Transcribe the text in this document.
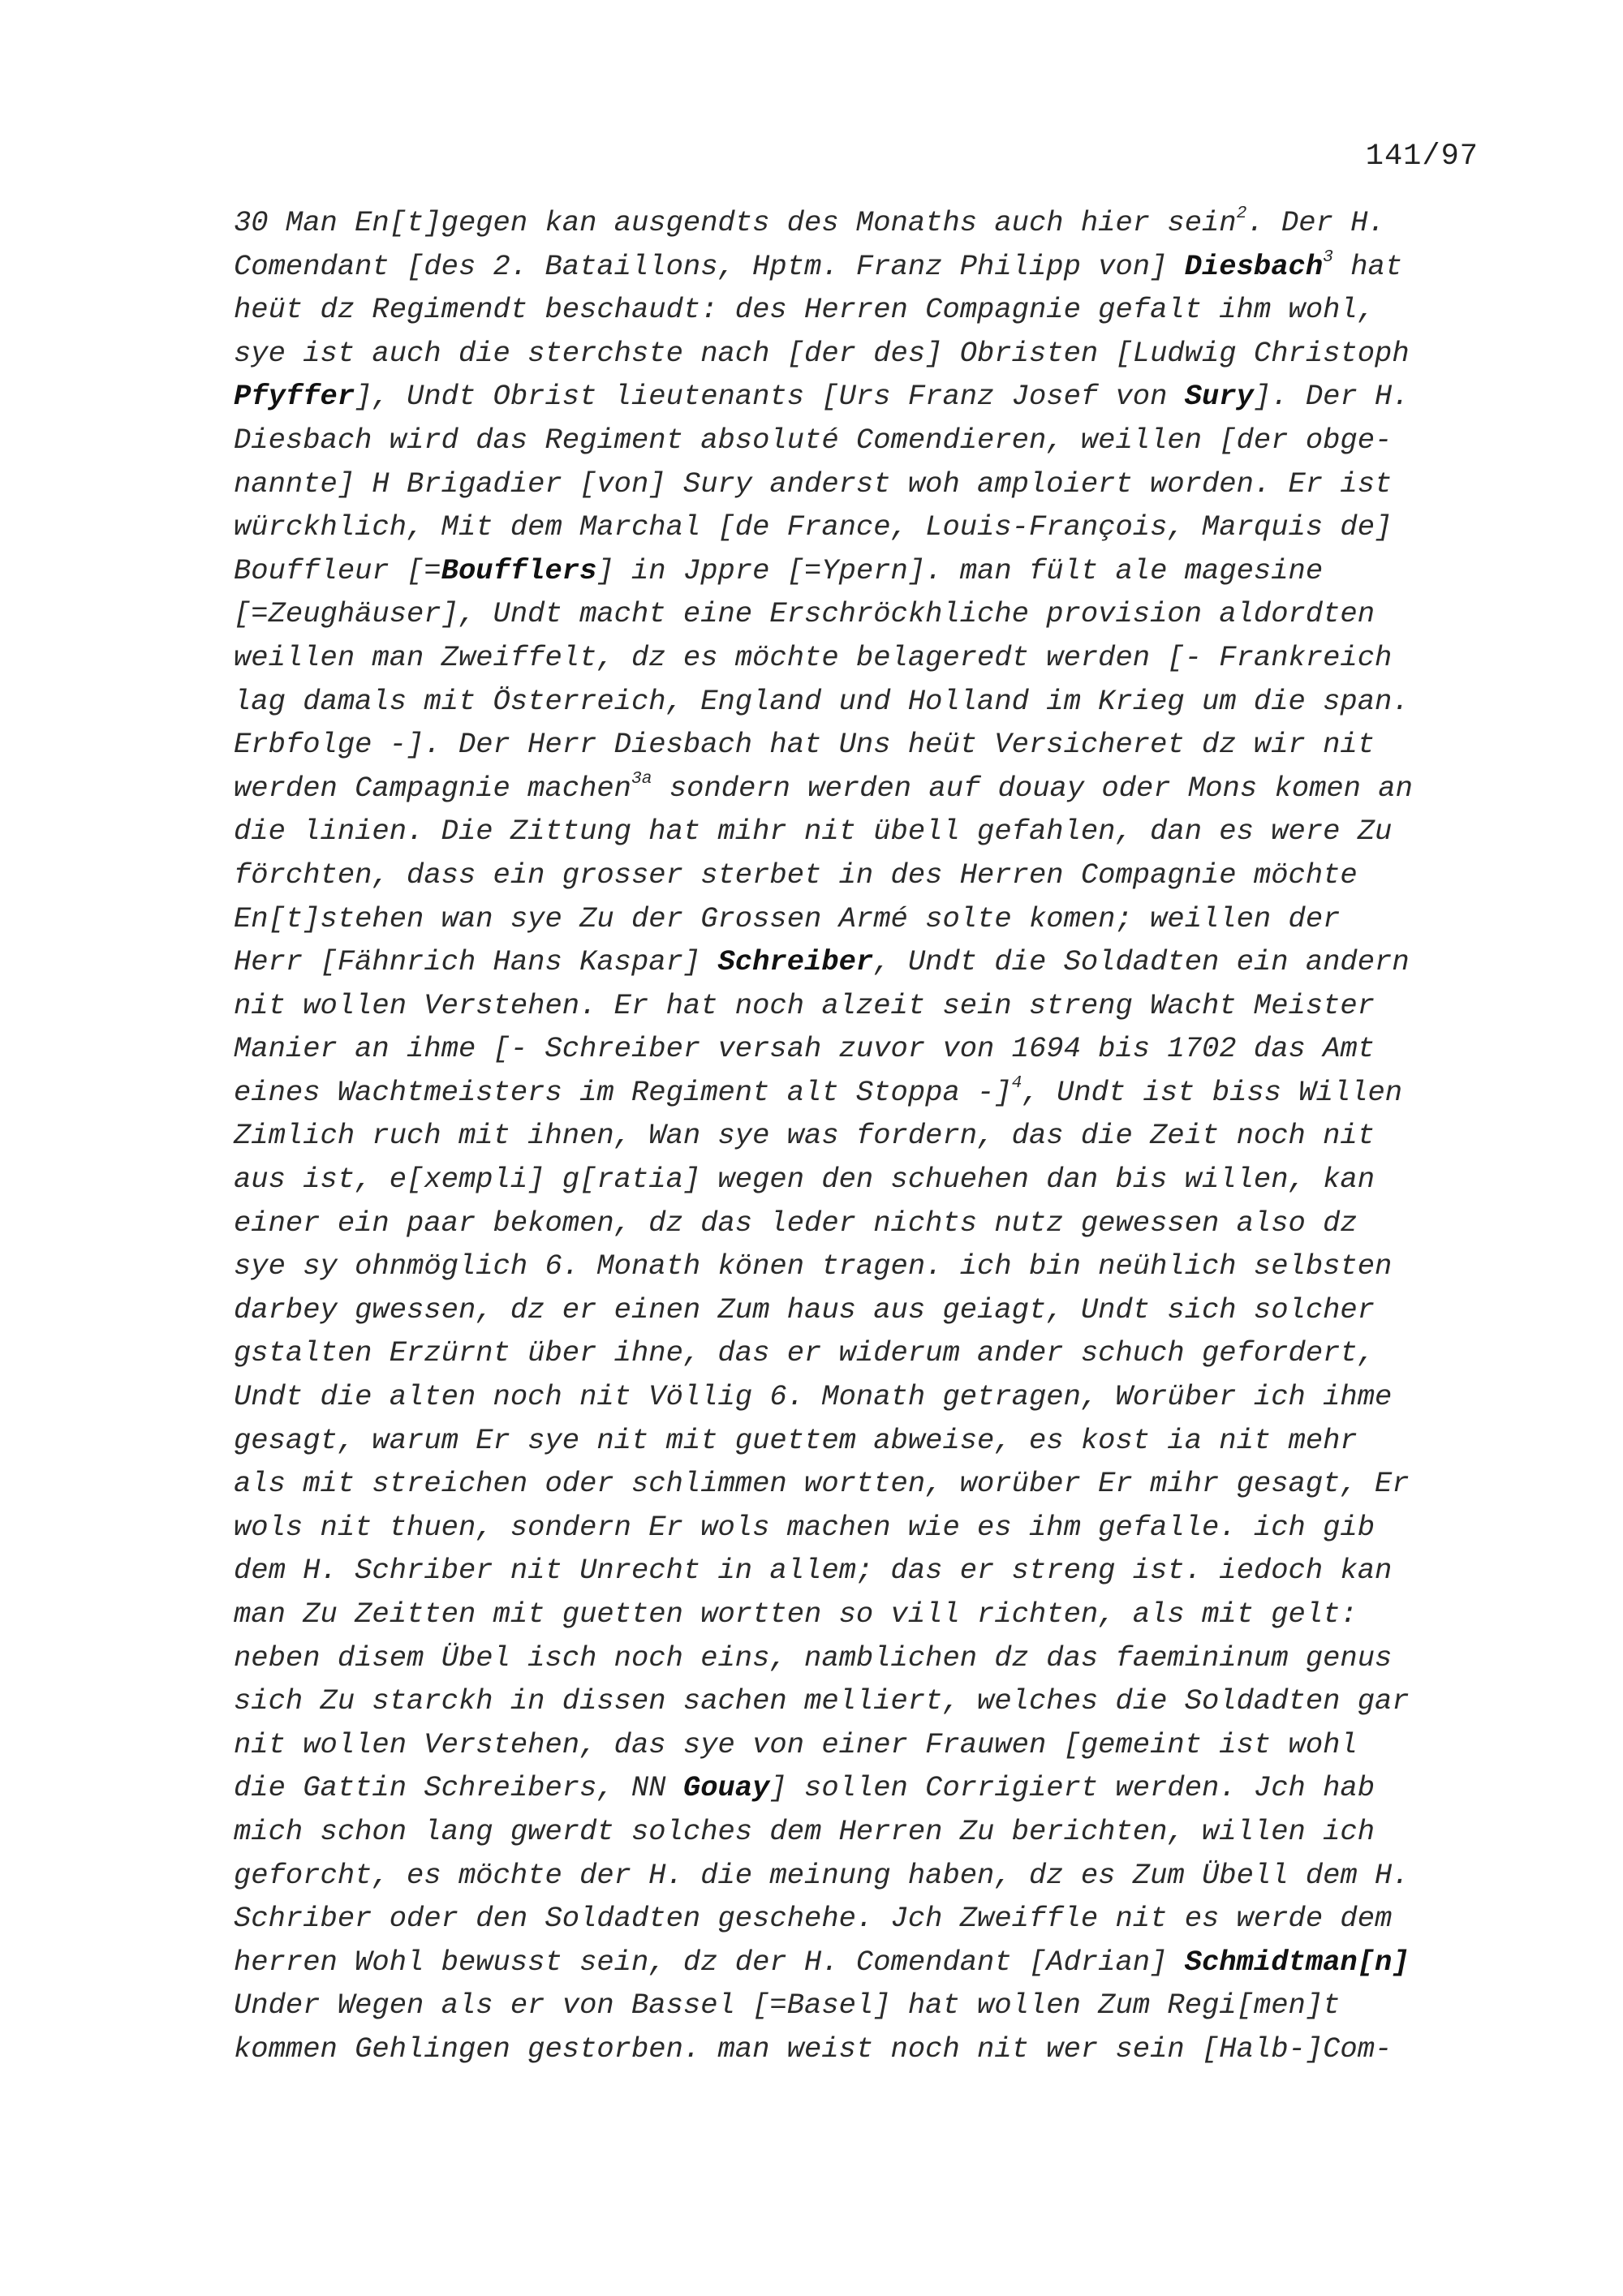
141/97
30 Man En[t]gegen kan ausgendts des Monaths auch hier sein$^2$. Der H.
Comendant [des 2. Bataillons, Hptm. Franz Philipp von] Diesbach$^3$ hat
heüt dz Regimendt beschaudt: des Herren Compagnie gefalt ihm wohl,
sye ist auch die sterchste nach [der des] Obristen [Ludwig Christoph
Pfyffer], Undt Obrist lieutenants [Urs Franz Josef von Sury]. Der H.
Diesbach wird das Regiment absoluté Comendieren, weillen [der obge-
nannte] H Brigadier [von] Sury anderst woh amploiert worden. Er ist
würckhlich, Mit dem Marchal [de France, Louis-François, Marquis de]
Bouffleur [=Boufflers] in Jppre [=Ypern]. man fült ale magesine
[=Zeughäuser], Undt macht eine Erschröckhliche provision aldordten
weillen man Zweiffelt, dz es möchte belageredt werden [- Frankreich
lag damals mit Österreich, England und Holland im Krieg um die span.
Erbfolge -]. Der Herr Diesbach hat Uns heüt Versicheret dz wir nit
werden Campagnie machen$^{3a}$ sondern werden auf douay oder Mons komen an
die linien. Die Zittung hat mihr nit übell gefahlen, dan es were Zu
förchten, dass ein grosser sterbet in des Herren Compagnie möchte
En[t]stehen wan sye Zu der Grossen Armé solte komen; weillen der
Herr [Fähnrich Hans Kaspar] Schreiber, Undt die Soldadten ein andern
nit wollen Verstehen. Er hat noch alzeit sein streng Wacht Meister
Manier an ihme [- Schreiber versah zuvor von 1694 bis 1702 das Amt
eines Wachtmeisters im Regiment alt Stoppa -]$^4$, Undt ist biss Willen
Zimlich ruch mit ihnen, Wan sye was fordern, das die Zeit noch nit
aus ist, e[xempli] g[ratia] wegen den schuehen dan bis willen, kan
einer ein paar bekomen, dz das leder nichts nutz gewessen also dz
sye sy ohnmöglich 6. Monath könen tragen. ich bin neühlich selbsten
darbey gwessen, dz er einen Zum haus aus geiagt, Undt sich solcher
gstalten Erzürnt über ihne, das er widerum ander schuch gefordert,
Undt die alten noch nit Völlig 6. Monath getragen, Worüber ich ihme
gesagt, warum Er sye nit mit guettem abweise, es kost ia nit mehr
als mit streichen oder schlimmen wortten, worüber Er mihr gesagt, Er
wols nit thuen, sondern Er wols machen wie es ihm gefalle. ich gib
dem H. Schriber nit Unrecht in allem; das er streng ist. iedoch kan
man Zu Zeitten mit guetten wortten so vill richten, als mit gelt:
neben disem Übel isch noch eins, namblichen dz das faemininum genus
sich Zu starckh in dissen sachen melliert, welches die Soldadten gar
nit wollen Verstehen, das sye von einer Frauwen [gemeint ist wohl
die Gattin Schreibers, NN Gouay] sollen Corrigiert werden. Jch hab
mich schon lang gwerdt solches dem Herren Zu berichten, willen ich
geforcht, es möchte der H. die meinung haben, dz es Zum Übell dem H.
Schriber oder den Soldadten geschehe. Jch Zweiffle nit es werde dem
herren Wohl bewusst sein, dz der H. Comendant [Adrian] Schmidtman[n]
Under Wegen als er von Bassel [=Basel] hat wollen Zum Regi[men]t
kommen Gehlingen gestorben. man weist noch nit wer sein [Halb-]Com-
